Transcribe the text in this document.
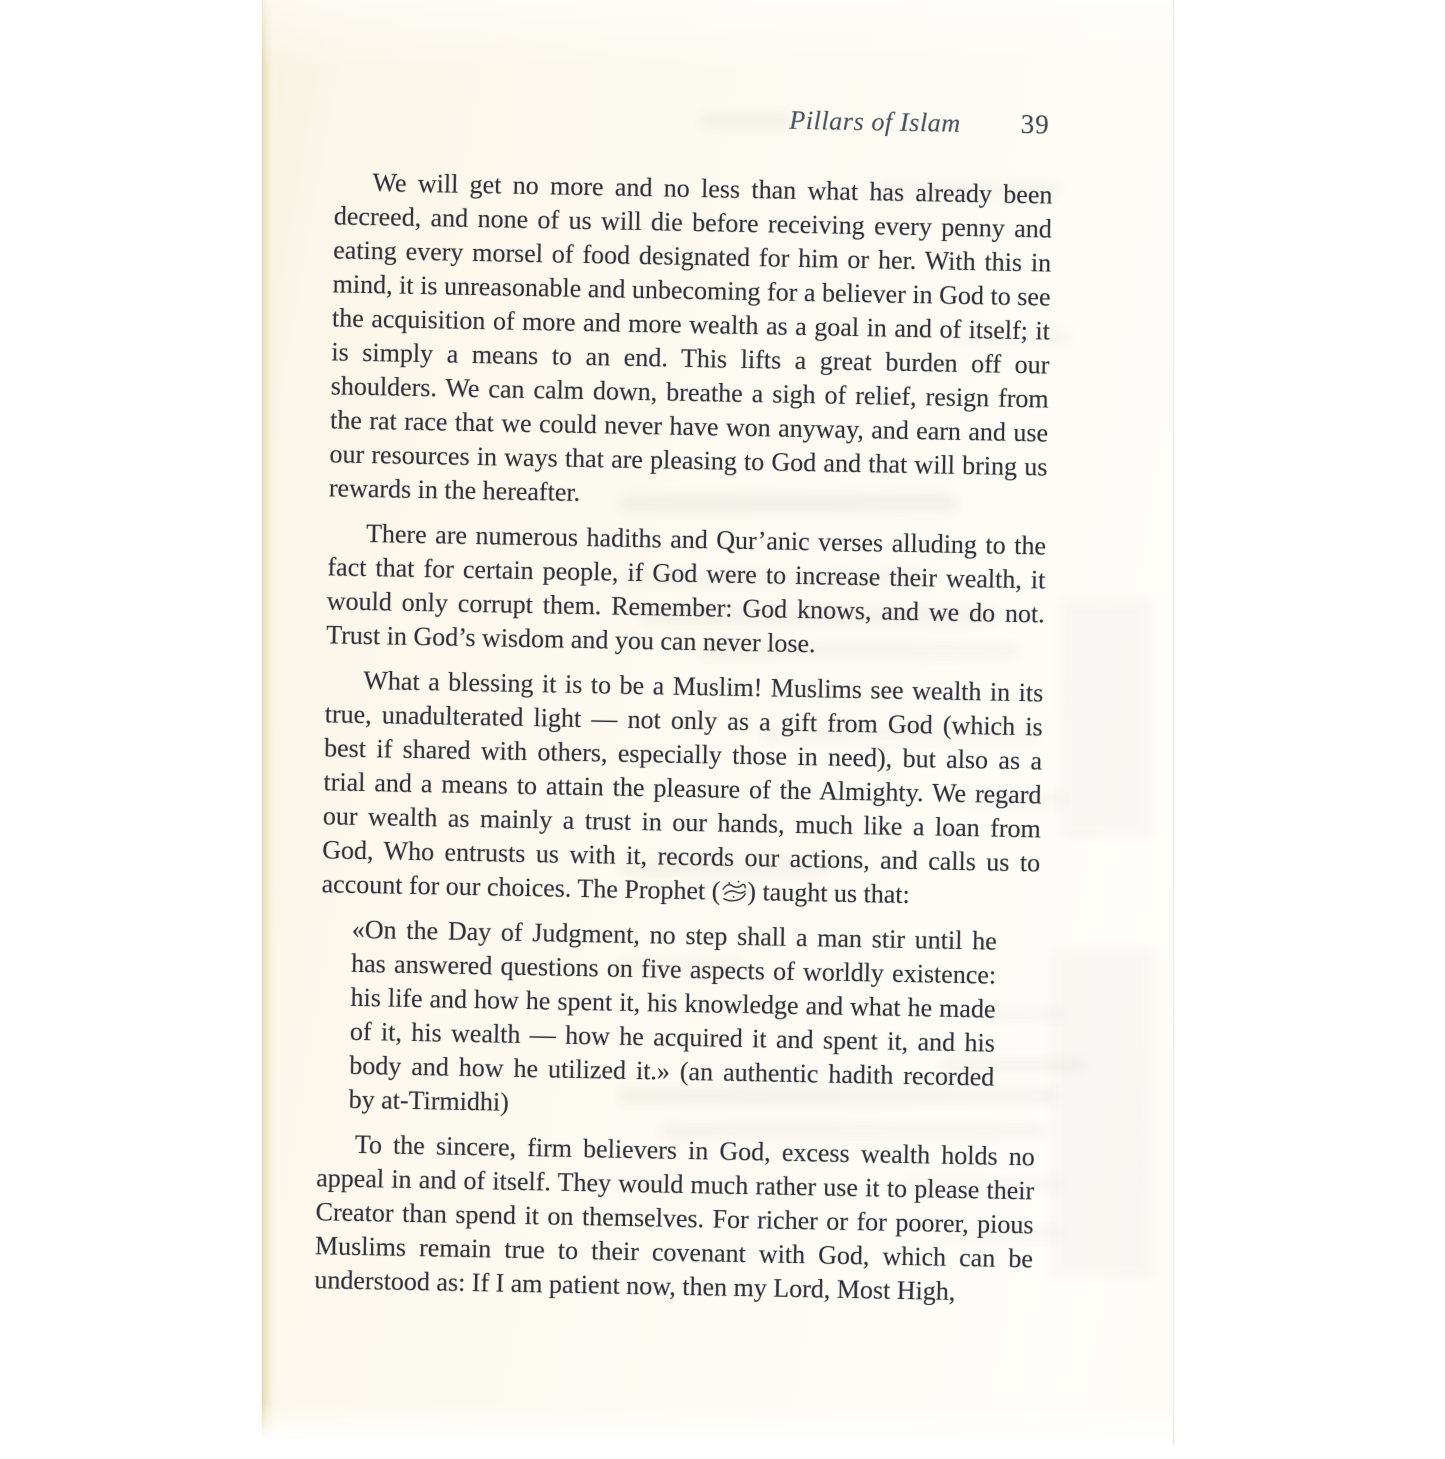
Pillars of Islam 39

We will get no more and no less than what has already been decreed, and none of us will die before receiving every penny and eating every morsel of food designated for him or her. With this in mind, it is unreasonable and unbecoming for a believer in God to see the acquisition of more and more wealth as a goal in and of itself; it is simply a means to an end. This lifts a great burden off our shoulders. We can calm down, breathe a sigh of relief, resign from the rat race that we could never have won anyway, and earn and use our resources in ways that are pleasing to God and that will bring us rewards in the hereafter.

There are numerous hadiths and Qur’anic verses alluding to the fact that for certain people, if God were to increase their wealth, it would only corrupt them. Remember: God knows, and we do not. Trust in God’s wisdom and you can never lose.

What a blessing it is to be a Muslim! Muslims see wealth in its true, unadulterated light — not only as a gift from God (which is best if shared with others, especially those in need), but also as a trial and a means to attain the pleasure of the Almighty. We regard our wealth as mainly a trust in our hands, much like a loan from God, Who entrusts us with it, records our actions, and calls us to account for our choices. The Prophet ( ) taught us that:

«On the Day of Judgment, no step shall a man stir until he has answered questions on five aspects of worldly existence: his life and how he spent it, his knowledge and what he made of it, his wealth — how he acquired it and spent it, and his body and how he utilized it.» (an authentic hadith recorded by at-Tirmidhi)

To the sincere, firm believers in God, excess wealth holds no appeal in and of itself. They would much rather use it to please their Creator than spend it on themselves. For richer or for poorer, pious Muslims remain true to their covenant with God, which can be understood as: If I am patient now, then my Lord, Most High,
